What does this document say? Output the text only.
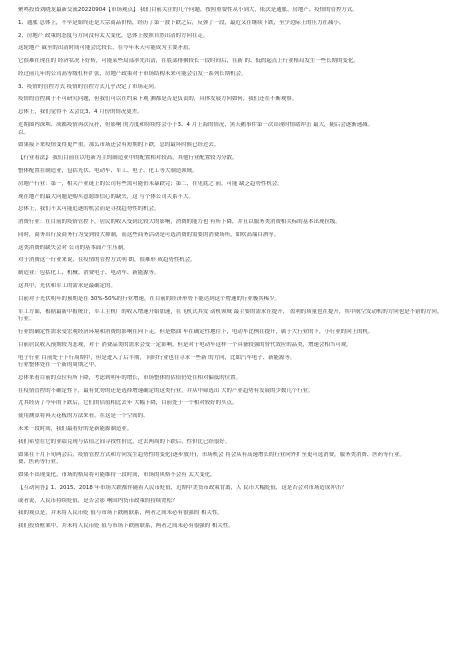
聚鸣投资刘晓龙最新交流20220904【市场观点】 我们目前关注的几个问题，按照重要性从小到大，依次是通胀、房地产、疫情的管控方式。
1、通胀 总体上，不早是始终还是大宗商品价格，经历了第一波下跌之后，反弹了一段，最近又在继续下跌，至少边际上的压力在减小。
2、房地产 政策的态度与方向没有太大变化，总体上按照自然出清的方向在走。
这轮地产 截至的出清时间可能会比较长，在今年末天可能成为主要矛盾。
它很难在现在的 经济状况下好转，可能某些局部率先出清，在底部徘徊较长一段时间后，在新 的、低的起点上行业格局发生一些长期的变化。
经过前几年的公司高等级杠杆扩张，房地产政策对于市场结构未来可能会引发一系列长期机会。
3、疫情的管控方式 疫情的管控方式几乎决定了市场走向。
疫情的管控属于不可研究问题，但我们可以在约束下观 测都是否是负责的，具体发展方向如何，我们还在不断观察。
总体上，我们觉得不 太会比3、4 月份的情况更差。
近期图内深圳、成都疫情再次反扑，但影响 的力度和持续性会小于3、4 月上海的情况，黑天鹅事件第一次出现时情绪冲击 最大，随后会逐渐递减。
以。
如果接下来疫情变得更严重，那么市场还会有短期的下跌，总的最坏时候已经过去。
【行业看法】 我们目前在以电新为主的制造业中的配置相对较高，其他行业配置较为分散。
整体配置在制造业，包括光伏、电动车、军工、电子、化工等大制造领域。
房地产行业：第一，相关产业链上的公司有些需可能仍未暴跌完；第二，在见底之 前，可能 缺乏趋势性机会。
现在地产的最大问题是购买意愿即信心的缺失，这 与个体公司关系不大。
总体上，我们不太可能追逐的机会而是寻找趋势性的机会。
消费行业：在目前的疫情管控下，居民的收入受到比较大的影响，消费的能力也 有所下降，并且以服务类消费相关标的基本出现拉级。
同时，商务出行及商务行为受到较大抑制，而这些商务活动是可选消费的需要的消费场所，如吹高端白酒等。
这类消费的缺失会对 公司的基本面产生压制。
对于消费这一行业来说，在疫情的管控方式明 朗，很难形 成趋势性机会。
制造业：包括化工、机械、消费电子、电动车、新能源等。
这其中，光伏和军工的需求是最确定的。
目前对于光伏明年的预期是在 30%-50%的行业增速，在目前的经济形势下能达到这个增速的行业极其稀少。
军工方面，根据最新中报统计，军工主机厂的收入增速开始加速，在飞机式其发 动机领域 最主要的需求在提升， 盈利的质量也在提升，其中航空发动机的方向也是不错的方向。
行业。
行业的确定性需求受宏观经济环境和消费的影响在向下走，但是燃油 车在确定性地往下，电动车比例在提升，属于大行业的下，小行业的向上的机。
目前居民收入预期较为悲观，对于 消费品类的需求会受一定影响，但是对于电动车这样一个具备较强的替代效应的品类，增速会相当可观。
电子行业 目前处于下行周期中，但是进入了后半期， 同时行业也在寻求一些新 的方向，比如汽车电子、新能源等。
行业整体处在一个新的周期之中。
总体来看目前的点位有所下降，考虑到明年的增长，市场整体的估值仍处在相对偏低的位置。
在疫情管控的不确定性下，最有优势的还是选择增速确定的这类行业，并从中筛选出 大的产业趋势有发展的少数几个行业。
尤其经历了今年的下跌后，它们的估值相比去年 大幅下降，目前处于一个相对较好的买点。
使用测算将再天花板的方法来看，在这是一个空间的。
未来一段时间，我们最看好的是新能源制造业。
我们希望在它的业绩兑现与估值之间寻找性价比，过去两周的下跌后，性价比已经很好。
如果在十月下旬两会后，疫情管控方式和方向发生趋势性的变化(逐步放开)，市场机会 将会从有高速增长的行业向外扩至更可选消费，服务类消费、医药等行业。
费、医药等行业。
如果不出现变化，市场的格局将可能维持一段时间，市场的风格不会有 太大变化。
【互动问答】1、2015、2018 年市场大跌都伴随着人民币贬值，近期中美货币政策背离，人 民币大幅贬值，这是否会对市场造成冲击？
或者说，人民币持续贬值，是否会影 响国内货币政策的持续宽松？
我的观点是，并未将人民币贬 值与市场下跌画联系，两者之间未必有很强的 相关性。
我们投资框架中，并未将人民币贬 值与市场下跌画联系，两者之间未必有很强的 相关性。
